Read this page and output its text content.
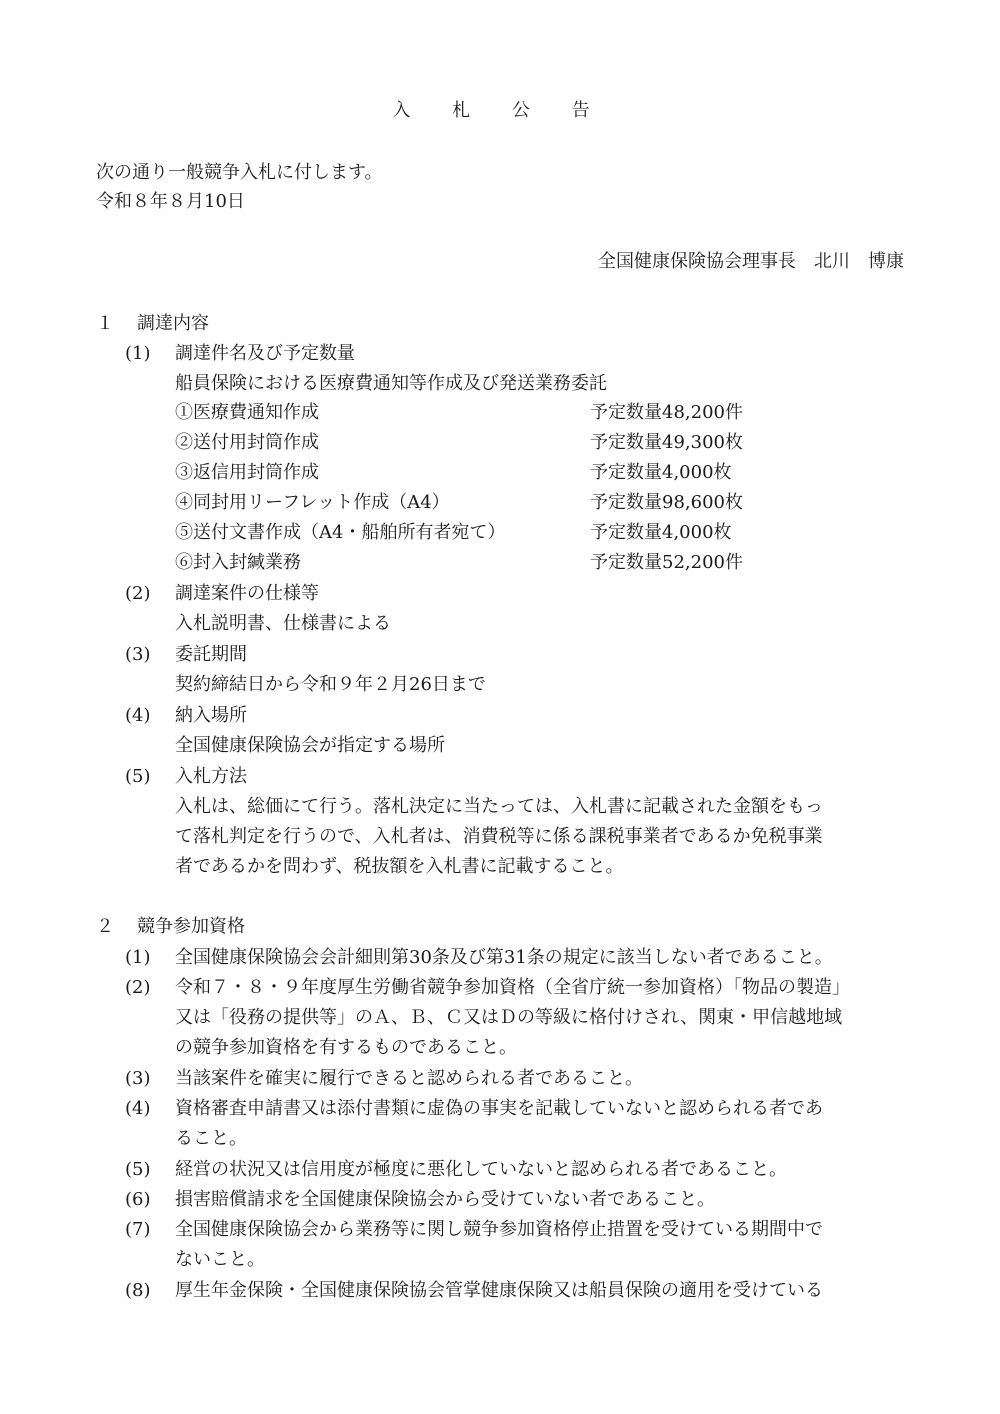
入 札 公 告
次の通り一般競争入札に付します。
令和８年８月10日
全国健康保険協会理事長　北川　博康
１ 調達内容
(1) 調達件名及び予定数量
船員保険における医療費通知等作成及び発送業務委託
①医療費通知作成	予定数量48,200件
②送付用封筒作成	予定数量49,300枚
③返信用封筒作成	予定数量4,000枚
④同封用リーフレット作成（A4）	予定数量98,600枚
⑤送付文書作成（A4・船舶所有者宛て）	予定数量4,000枚
⑥封入封緘業務	予定数量52,200件
(2) 調達案件の仕様等
入札説明書、仕様書による
(3) 委託期間
契約締結日から令和９年２月26日まで
(4) 納入場所
全国健康保険協会が指定する場所
(5) 入札方法
入札は、総価にて行う。落札決定に当たっては、入札書に記載された金額をもっ
て落札判定を行うので、入札者は、消費税等に係る課税事業者であるか免税事業
者であるかを問わず、税抜額を入札書に記載すること。
２ 競争参加資格
(1) 全国健康保険協会会計細則第30条及び第31条の規定に該当しない者であること。
(2) 令和７・８・９年度厚生労働省競争参加資格（全省庁統一参加資格）「物品の製造」
又は「役務の提供等」のＡ、Ｂ、Ｃ又はＤの等級に格付けされ、関東・甲信越地域
の競争参加資格を有するものであること。
(3) 当該案件を確実に履行できると認められる者であること。
(4) 資格審査申請書又は添付書類に虚偽の事実を記載していないと認められる者であ
ること。
(5) 経営の状況又は信用度が極度に悪化していないと認められる者であること。
(6) 損害賠償請求を全国健康保険協会から受けていない者であること。
(7) 全国健康保険協会から業務等に関し競争参加資格停止措置を受けている期間中で
ないこと。
(8) 厚生年金保険・全国健康保険協会管掌健康保険又は船員保険の適用を受けている
